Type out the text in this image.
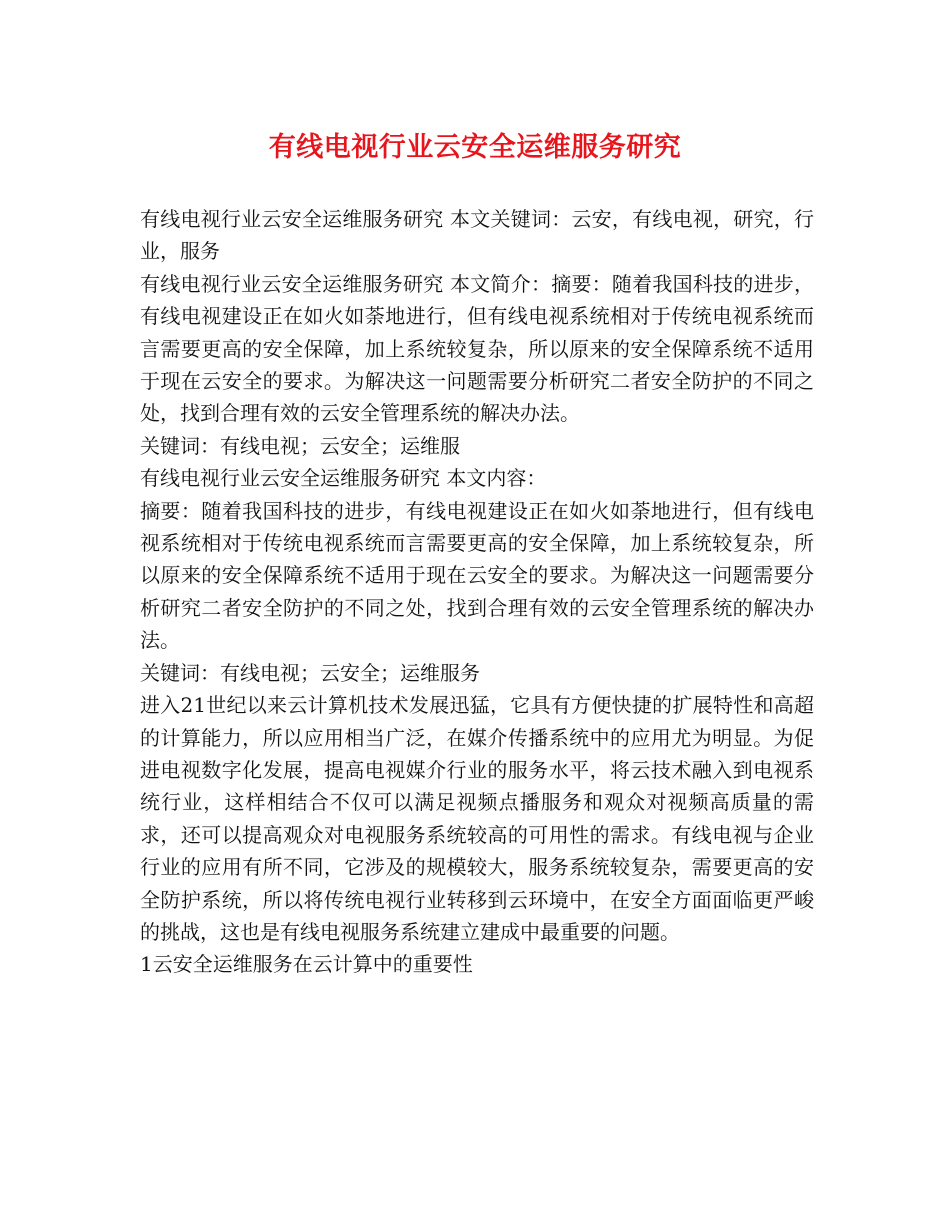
有线电视行业云安全运维服务研究

有线电视行业云安全运维服务研究 本文关键词：云安，有线电视，研究，行业，服务

有线电视行业云安全运维服务研究 本文简介：摘要：随着我国科技的进步，有线电视建设正在如火如荼地进行，但有线电视系统相对于传统电视系统而言需要更高的安全保障，加上系统较复杂，所以原来的安全保障系统不适用于现在云安全的要求。为解决这一问题需要分析研究二者安全防护的不同之处，找到合理有效的云安全管理系统的解决办法。

关键词：有线电视；云安全；运维服

有线电视行业云安全运维服务研究 本文内容：

摘要：随着我国科技的进步，有线电视建设正在如火如荼地进行，但有线电视系统相对于传统电视系统而言需要更高的安全保障，加上系统较复杂，所以原来的安全保障系统不适用于现在云安全的要求。为解决这一问题需要分析研究二者安全防护的不同之处，找到合理有效的云安全管理系统的解决办法。

关键词：有线电视；云安全；运维服务

进入21世纪以来云计算机技术发展迅猛，它具有方便快捷的扩展特性和高超的计算能力，所以应用相当广泛，在媒介传播系统中的应用尤为明显。为促进电视数字化发展，提高电视媒介行业的服务水平，将云技术融入到电视系统行业，这样相结合不仅可以满足视频点播服务和观众对视频高质量的需求，还可以提高观众对电视服务系统较高的可用性的需求。有线电视与企业行业的应用有所不同，它涉及的规模较大，服务系统较复杂，需要更高的安全防护系统，所以将传统电视行业转移到云环境中，在安全方面面临更严峻的挑战，这也是有线电视服务系统建立建成中最重要的问题。

1云安全运维服务在云计算中的重要性
